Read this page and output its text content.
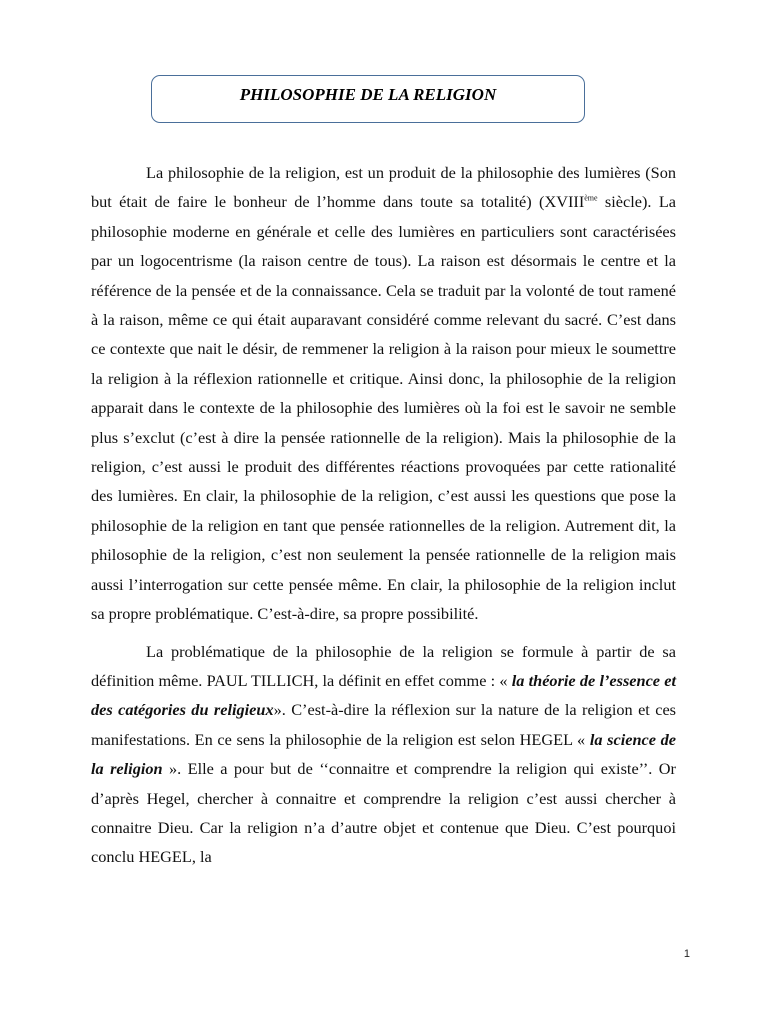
PHILOSOPHIE DE LA RELIGION

La philosophie de la religion, est un produit de la philosophie des lumières (Son but était de faire le bonheur de l’homme dans toute sa totalité) (XVIIIème siècle). La philosophie moderne en générale et celle des lumières en particuliers sont caractérisées par un logocentrisme (la raison centre de tous). La raison est désormais le centre et la référence de la pensée et de la connaissance. Cela se traduit par la volonté de tout ramené à la raison, même ce qui était auparavant considéré comme relevant du sacré. C’est dans ce contexte que nait le désir, de remmener la religion à la raison pour mieux le soumettre la religion à la réflexion rationnelle et critique. Ainsi donc, la philosophie de la religion apparait dans le contexte de la philosophie des lumières où la foi est le savoir ne semble plus s’exclut (c’est à dire la pensée rationnelle de la religion). Mais la philosophie de la religion, c’est aussi le produit des différentes réactions provoquées par cette rationalité des lumières. En clair, la philosophie de la religion, c’est aussi les questions que pose la philosophie de la religion en tant que pensée rationnelles de la religion. Autrement dit, la philosophie de la religion, c’est non seulement la pensée rationnelle de la religion mais aussi l’interrogation sur cette pensée même. En clair, la philosophie de la religion inclut sa propre problématique. C’est-à-dire, sa propre possibilité.

La problématique de la philosophie de la religion se formule à partir de sa définition même. PAUL TILLICH, la définit en effet comme : « la théorie de l’essence et des catégories du religieux». C’est-à-dire la réflexion sur la nature de la religion et ces manifestations. En ce sens la philosophie de la religion est selon HEGEL « la science de la religion ». Elle a pour but de ‘‘connaitre et comprendre la religion qui existe’’. Or d’après Hegel, chercher à connaitre et comprendre la religion c’est aussi chercher à connaitre Dieu. Car la religion n’a d’autre objet et contenue que Dieu. C’est pourquoi conclu HEGEL, la

1
